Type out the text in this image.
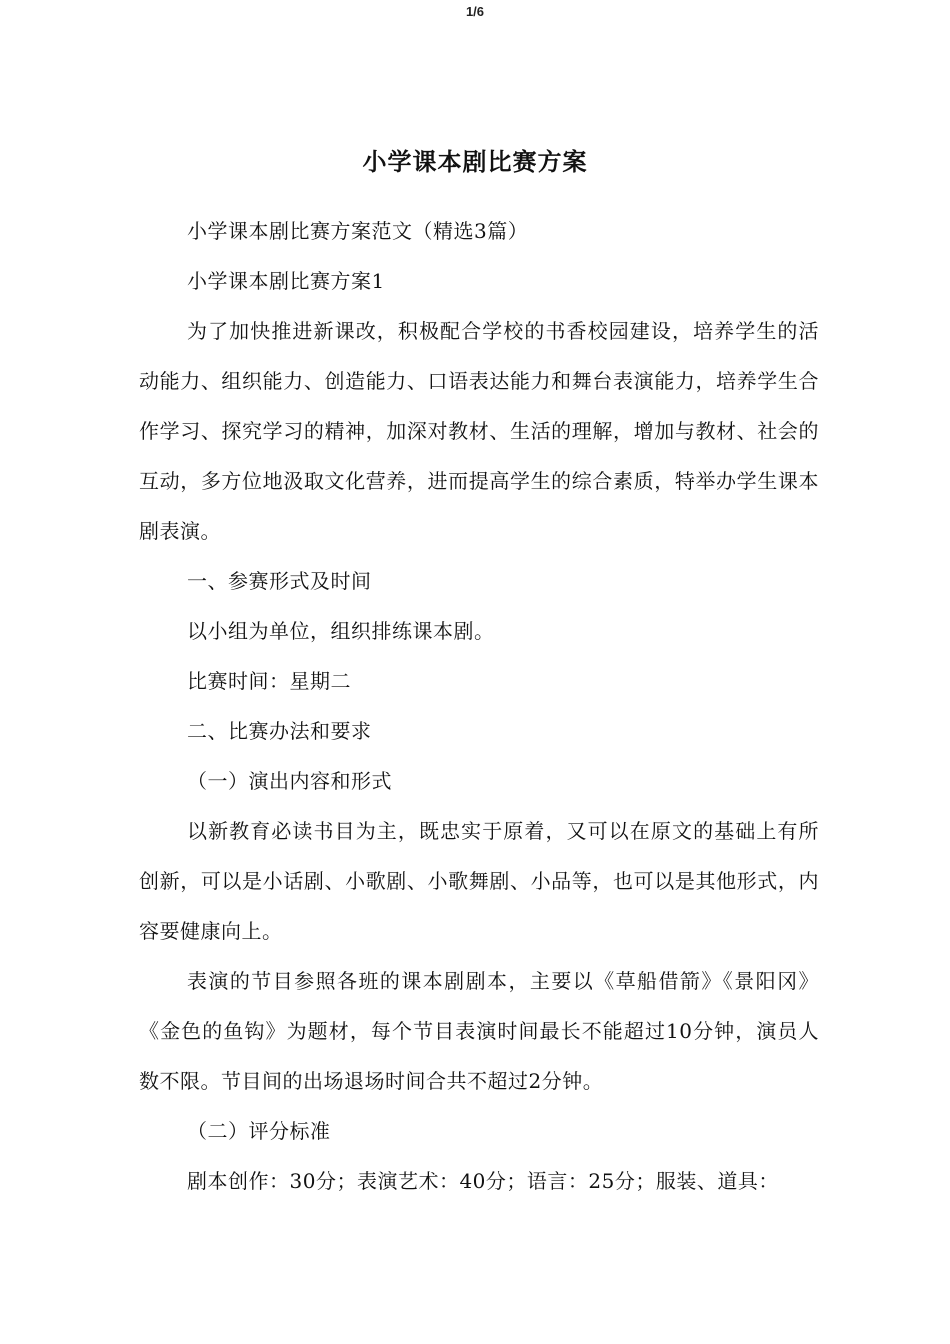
1/6
小学课本剧比赛方案

小学课本剧比赛方案范文（精选3篇）

小学课本剧比赛方案1

为了加快推进新课改，积极配合学校的书香校园建设，培养学生的活动能力、组织能力、创造能力、口语表达能力和舞台表演能力，培养学生合作学习、探究学习的精神，加深对教材、生活的理解，增加与教材、社会的互动，多方位地汲取文化营养，进而提高学生的综合素质，特举办学生课本剧表演。

一、参赛形式及时间

以小组为单位，组织排练课本剧。

比赛时间：星期二

二、比赛办法和要求

（一）演出内容和形式

以新教育必读书目为主，既忠实于原着，又可以在原文的基础上有所创新，可以是小话剧、小歌剧、小歌舞剧、小品等，也可以是其他形式，内容要健康向上。

表演的节目参照各班的课本剧剧本，主要以《草船借箭》《景阳冈》《金色的鱼钩》为题材，每个节目表演时间最长不能超过10分钟，演员人数不限。节目间的出场退场时间合共不超过2分钟。

（二）评分标准

剧本创作：30分；表演艺术：40分；语言：25分；服装、道具：
